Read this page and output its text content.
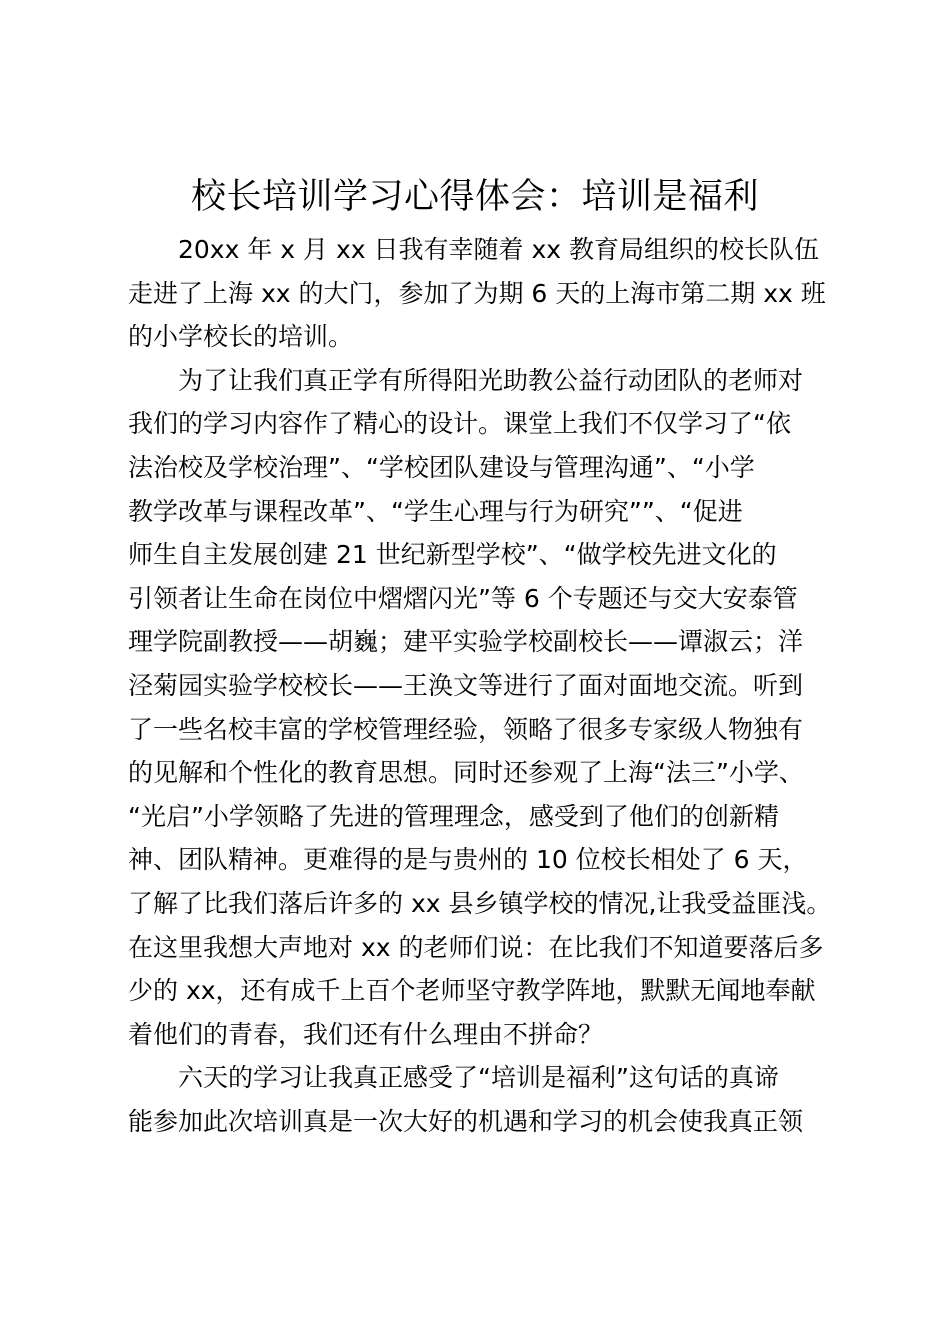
校长培训学习心得体会：培训是福利

　　20xx 年 x 月 xx 日我有幸随着 xx 教育局组织的校长队伍
走进了上海 xx 的大门，参加了为期 6 天的上海市第二期 xx 班
的小学校长的培训。

　　为了让我们真正学有所得阳光助教公益行动团队的老师对
我们的学习内容作了精心的设计。课堂上我们不仅学习了“依
法治校及学校治理”、“学校团队建设与管理沟通”、“小学
教学改革与课程改革”、“学生心理与行为研究””、“促进
师生自主发展创建 21 世纪新型学校”、“做学校先进文化的
引领者让生命在岗位中熠熠闪光”等 6 个专题还与交大安泰管
理学院副教授——胡巍；建平实验学校副校长——谭淑云；洋
泾菊园实验学校校长——王涣文等进行了面对面地交流。听到
了一些名校丰富的学校管理经验，领略了很多专家级人物独有
的见解和个性化的教育思想。同时还参观了上海“法三”小学、
“光启”小学领略了先进的管理理念，感受到了他们的创新精
神、团队精神。更难得的是与贵州的 10 位校长相处了 6 天，
了解了比我们落后许多的 xx 县乡镇学校的情况,让我受益匪浅。
在这里我想大声地对 xx 的老师们说：在比我们不知道要落后多
少的 xx，还有成千上百个老师坚守教学阵地，默默无闻地奉献
着他们的青春，我们还有什么理由不拼命？

　　六天的学习让我真正感受了“培训是福利”这句话的真谛
能参加此次培训真是一次大好的机遇和学习的机会使我真正领
